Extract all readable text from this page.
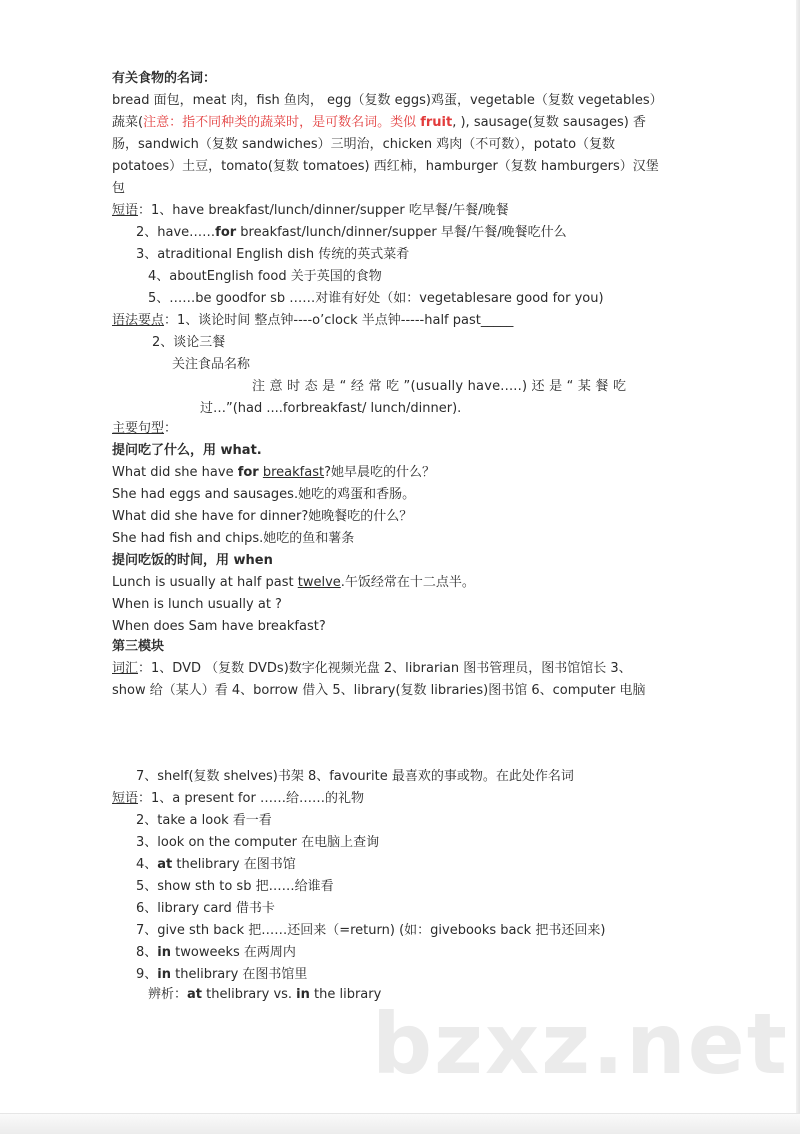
有关食物的名词：
bread 面包，meat 肉，fish 鱼肉， egg（复数 eggs)鸡蛋，vegetable（复数 vegetables）
蔬菜(注意：指不同种类的蔬菜时，是可数名词。类似 fruit, ), sausage(复数 sausages) 香
肠，sandwich（复数 sandwiches）三明治，chicken 鸡肉（不可数），potato（复数
potatoes）土豆，tomato(复数 tomatoes) 西红柿，hamburger（复数 hamburgers）汉堡
包
短语：1、have breakfast/lunch/dinner/supper 吃早餐/午餐/晚餐
2、have……for breakfast/lunch/dinner/supper 早餐/午餐/晚餐吃什么
3、atraditional English dish 传统的英式菜肴
4、aboutEnglish food 关于英国的食物
5、……be goodfor sb ……对谁有好处（如：vegetablesare good for you)
语法要点：1、谈论时间 整点钟----o’clock 半点钟-----half past_____
2、谈论三餐
关注食品名称
注 意 时 态 是 “ 经 常 吃 ”(usually have.....) 还 是 “ 某 餐 吃
过…”(had ....forbreakfast/ lunch/dinner).
主要句型：
提问吃了什么，用 what.
What did she have for breakfast?她早晨吃的什么？
She had eggs and sausages.她吃的鸡蛋和香肠。
What did she have for dinner?她晚餐吃的什么？
She had fish and chips.她吃的鱼和薯条
提问吃饭的时间，用 when
Lunch is usually at half past twelve.午饭经常在十二点半。
When is lunch usually at ?
When does Sam have breakfast?
第三模块
词汇：1、DVD （复数 DVDs)数字化视频光盘 2、librarian 图书管理员，图书馆馆长 3、
show 给（某人）看 4、borrow 借入 5、library(复数 libraries)图书馆 6、computer 电脑
7、shelf(复数 shelves)书架 8、favourite 最喜欢的事或物。在此处作名词
短语：1、a present for ……给……的礼物
2、take a look 看一看
3、look on the computer 在电脑上查询
4、at thelibrary 在图书馆
5、show sth to sb 把……给谁看
6、library card 借书卡
7、give sth back 把……还回来（=return) (如：givebooks back 把书还回来)
8、in twoweeks 在两周内
9、in thelibrary 在图书馆里
辨析：at thelibrary vs. in the library
bzxz.net
